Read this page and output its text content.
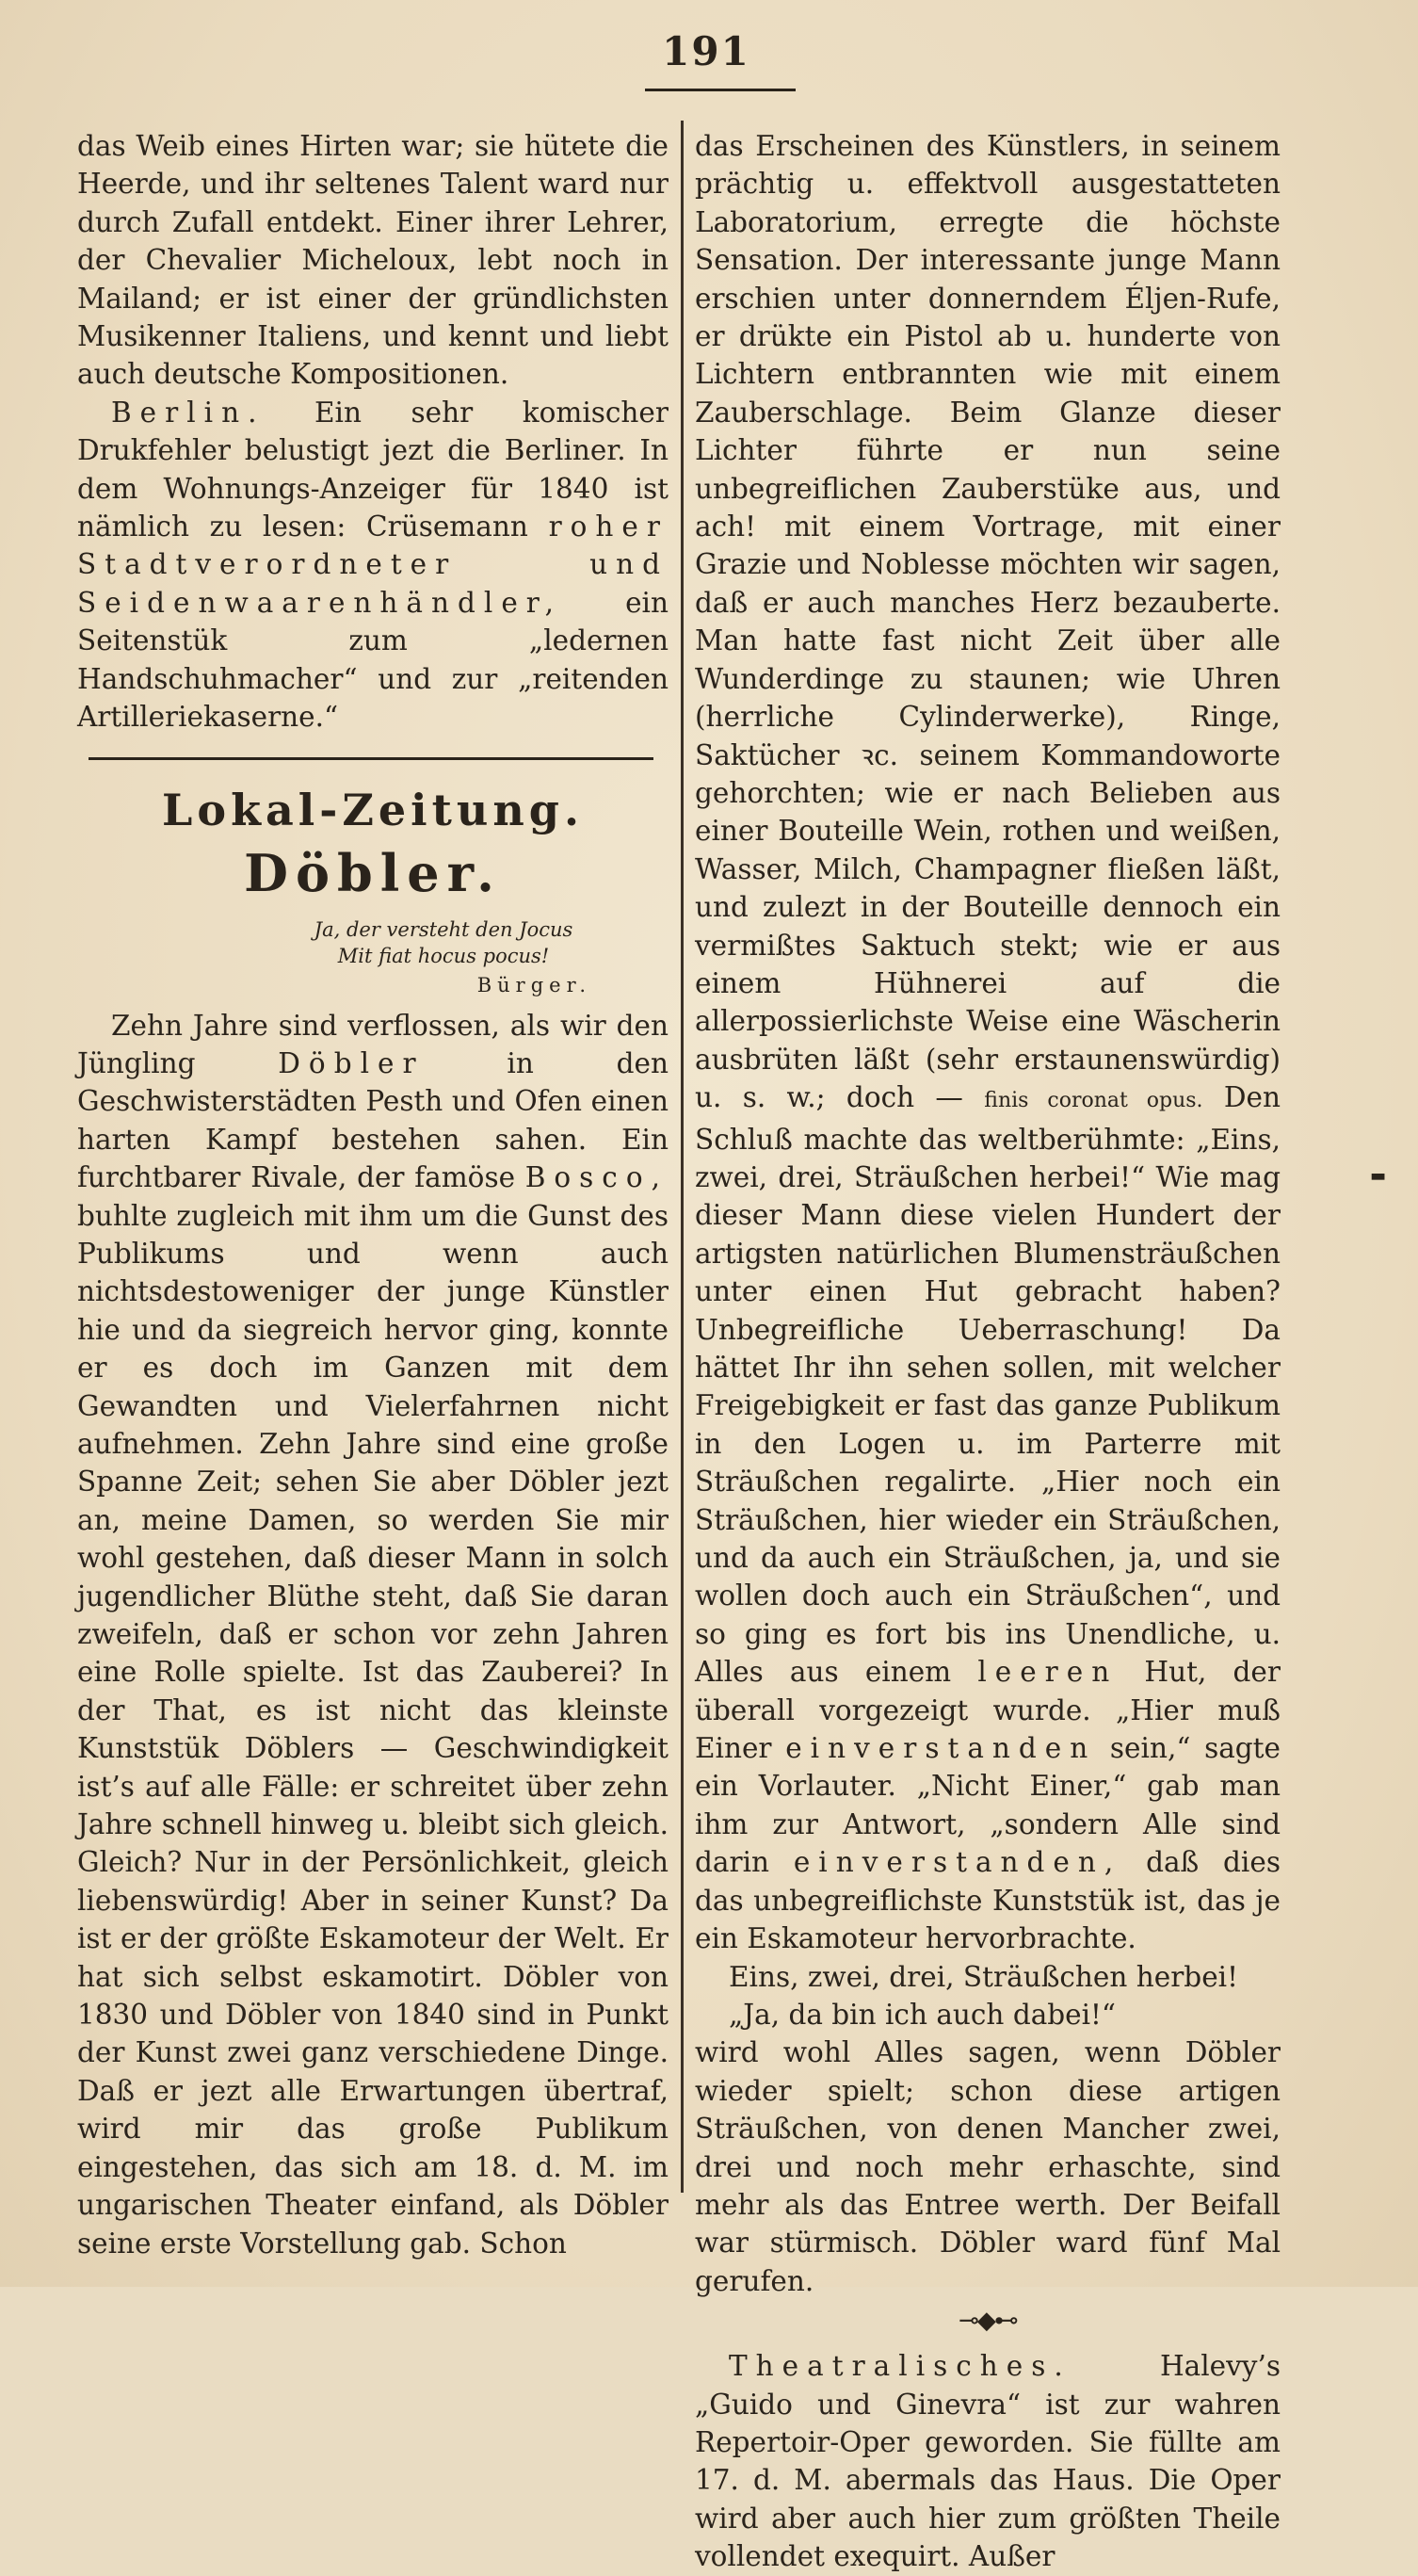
191

das Weib eines Hirten war; sie hütete die Heerde, und ihr seltenes Talent ward nur durch Zufall entdekt. Einer ihrer Lehrer, der Chevalier Micheloux, lebt noch in Mailand; er ist einer der gründlichsten Musikenner Italiens, und kennt und liebt auch deutsche Kompositionen.

Berlin. Ein sehr komischer Drukfehler belustigt jezt die Berliner. In dem Wohnungs-Anzeiger für 1840 ist nämlich zu lesen: Crüsemann roher Stadtverordneter und Seidenwaarenhändler, ein Seitenstük zum „ledernen Handschuhmacher“ und zur „reitenden Artilleriekaserne.“

Lokal-Zeitung.
Döbler.
Ja, der versteht den Jocus
Mit fiat hocus pocus!
Bürger.

Zehn Jahre sind verflossen, als wir den Jüngling	Döbler	in den Geschwisterstädten Pesth und Ofen einen harten Kampf bestehen sahen. Ein furchtbarer Rivale, der famöse Bosco, buhlte zugleich mit ihm um die Gunst des Publikums und wenn auch nichtsdestoweniger der junge Künstler hie und da siegreich hervor ging, konnte er es doch im Ganzen mit dem Gewandten und Vielerfahrnen nicht aufnehmen. Zehn Jahre sind eine große Spanne Zeit; sehen Sie aber Döbler jezt an, meine Damen, so werden Sie mir wohl gestehen, daß dieser Mann in solch jugendlicher Blüthe steht, daß Sie daran zweifeln, daß er schon vor zehn Jahren eine Rolle spielte. Ist das Zauberei? In der That, es ist nicht das kleinste Kunststük Döblers — Geschwindigkeit ist’s auf alle Fälle: er schreitet über zehn Jahre schnell hinweg u. bleibt sich gleich. Gleich? Nur in der Persönlichkeit, gleich liebenswürdig! Aber in seiner Kunst? Da ist er der größte Eskamoteur der Welt. Er hat sich selbst eskamotirt. Döbler von 1830 und Döbler von 1840 sind in Punkt der Kunst zwei ganz verschiedene Dinge. Daß er jezt alle Erwartungen übertraf, wird mir das große Publikum eingestehen, das sich am 18. d. M. im ungarischen Theater einfand, als Döbler seine erste Vorstellung gab. Schon

das Erscheinen des Künstlers, in seinem prächtig u. effektvoll ausgestatteten Laboratorium, erregte die höchste Sensation. Der interessante junge Mann erschien unter donnerndem Éljen-Rufe, er drükte ein Pistol ab u. hunderte von Lichtern entbrannten wie mit einem Zauberschlage. Beim Glanze dieser Lichter führte er nun seine unbegreiflichen Zauberstüke aus, und ach! mit einem Vortrage, mit einer Grazie und Noblesse möchten wir sagen, daß er auch manches Herz bezauberte. Man hatte fast nicht Zeit über alle Wunderdinge zu staunen; wie Uhren (herrliche Cylinderwerke), Ringe, Saktücher ꝛc. seinem Kommandoworte gehorchten; wie er nach Belieben aus einer Bouteille Wein, rothen und weißen, Wasser, Milch, Champagner fließen läßt, und zulezt in der Bouteille dennoch ein vermißtes Saktuch stekt; wie er aus einem Hühnerei auf die allerpossierlichste Weise eine Wäscherin ausbrüten läßt (sehr erstaunenswürdig) u. s. w.; doch — finis coronat opus. Den Schluß machte das weltberühmte: „Eins, zwei, drei, Sträußchen herbei!“ Wie mag dieser Mann diese vielen Hundert der artigsten natürlichen Blumensträußchen unter einen Hut gebracht haben? Unbegreifliche Ueberraschung! Da hättet Ihr ihn sehen sollen, mit welcher Freigebigkeit er fast das ganze Publikum in den Logen u. im Parterre mit Sträußchen regalirte. „Hier noch ein Sträußchen, hier wieder ein Sträußchen, und da auch ein Sträußchen, ja, und sie wollen doch auch ein Sträußchen“, und so ging es fort bis ins Unendliche, u. Alles aus einem leeren Hut, der überall vorgezeigt wurde. „Hier muß Einer einverstanden sein,“ sagte ein Vorlauter. „Nicht Einer,“ gab man ihm zur Antwort, „sondern Alle sind darin einverstanden, daß dies das unbegreiflichste Kunststük ist, das je ein Eskamoteur hervorbrachte.

Eins, zwei, drei, Sträußchen herbei!

„Ja, da bin ich auch dabei!“

wird wohl Alles sagen, wenn Döbler wieder spielt; schon diese artigen Sträußchen, von denen Mancher zwei, drei und noch mehr erhaschte, sind mehr als das Entree werth. Der Beifall war stürmisch. Döbler ward fünf Mal gerufen.

⊸◆⊷

Theatralisches.	Halevy’s „Guido und Ginevra“ ist zur wahren Repertoir-Oper geworden. Sie füllte am 17. d. M. abermals das Haus. Die Oper wird aber auch hier zum größten Theile vollendet exequirt. Außer

▬
